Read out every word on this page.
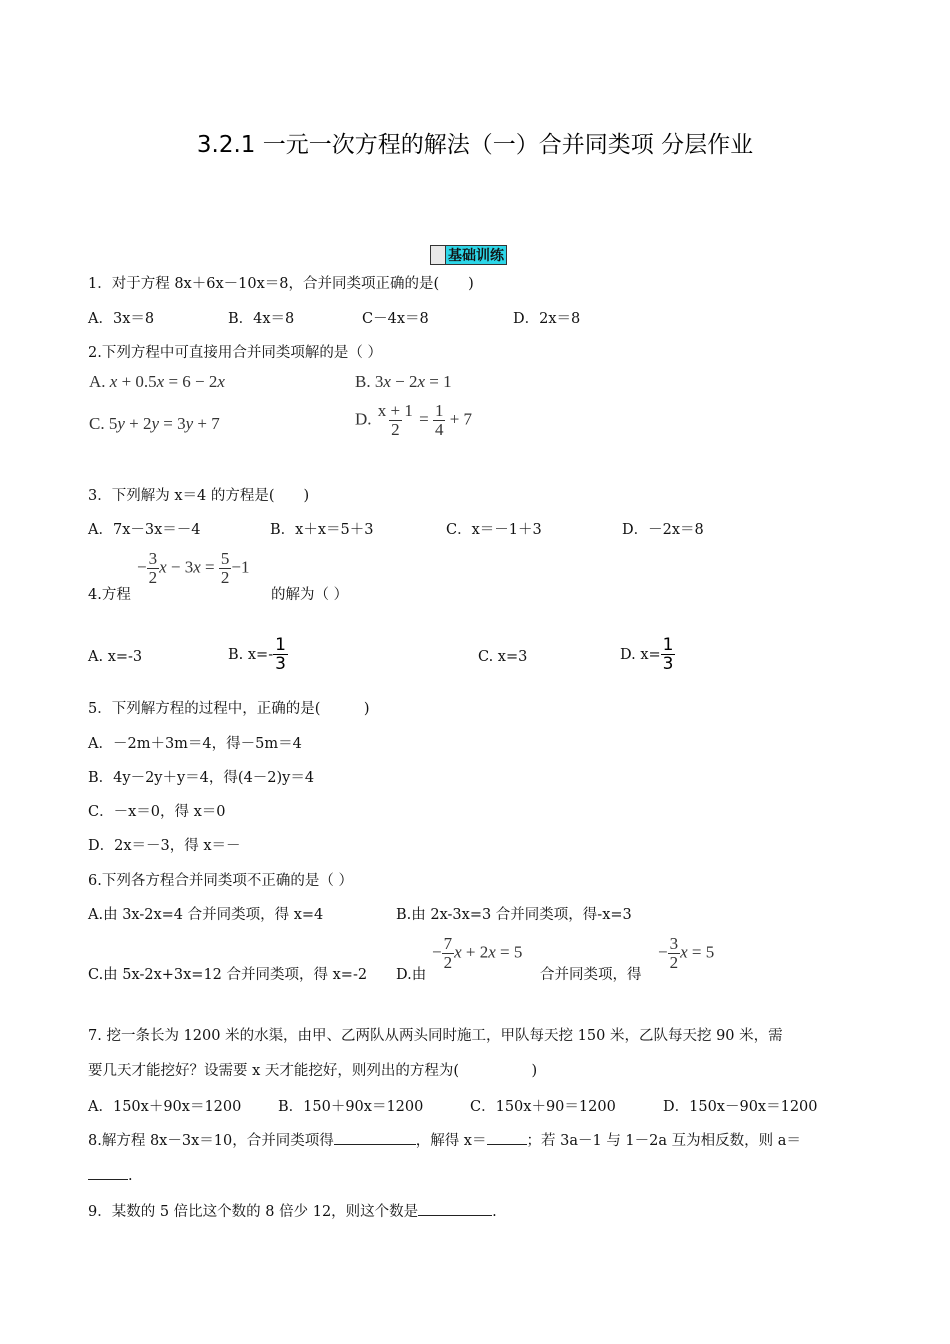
3.2.1 一元一次方程的解法（一）合并同类项 分层作业
基础训练
1．对于方程 8x＋6x－10x＝8，合并同类项正确的是(　　)
A．3x＝8	B．4x＝8	C－4x＝8	D．2x＝8
2.下列方程中可直接用合并同类项解的是（ ）
A. x + 0.5x = 6 − 2x	B. 3x − 2x = 1
C. 5y + 2y = 3y + 7	D. $\frac{x + 1}{2} = \frac{1}{4} + 7$
3．下列解为 x＝4 的方程是(　　)
A．7x－3x＝－4	B．x＋x＝5＋3	C．x＝－1＋3	D．－2x＝8
4.方程
− $\frac{3}{2}$ $x - 3x = \frac{5}{2} -1$
的解为（ ）
A. x=-3	B. $x=- \frac{1}{3}$	C. x=3	D. $x= \frac{1}{3}$
5．下列解方程的过程中，正确的是(　　　)
A．－2m＋3m＝4，得－5m＝4
B．4y－2y＋y＝4，得(4－2)y＝4
C．－x＝0，得 x＝0
D．2x＝－3，得 x＝－
6.下列各方程合并同类项不正确的是（ ）
A.由 3x-2x=4 合并同类项，得 x=4	B.由 2x-3x=3 合并同类项，得-x=3
C.由 5x-2x+3x=12 合并同类项，得 x=-2 D.由
− $\frac{7}{2}$ x + 2x = 5
合并同类项，得
− $\frac{3}{2}$ x = 5
7. 挖一条长为 1200 米的水渠，由甲、乙两队从两头同时施工，甲队每天挖 150 米，乙队每天挖 90 米，需
要几天才能挖好？设需要 x 天才能挖好，则列出的方程为(　　　　　)
A．150x＋90x＝1200	B．150＋90x＝1200	C．150x＋90＝1200	D．150x－90x＝1200
8.解方程 8x－3x＝10，合并同类项得	，解得 x＝	；若 3a－1 与 1－2a 互为相反数，则 a＝
.
9．某数的 5 倍比这个数的 8 倍少 12，则这个数是	.
